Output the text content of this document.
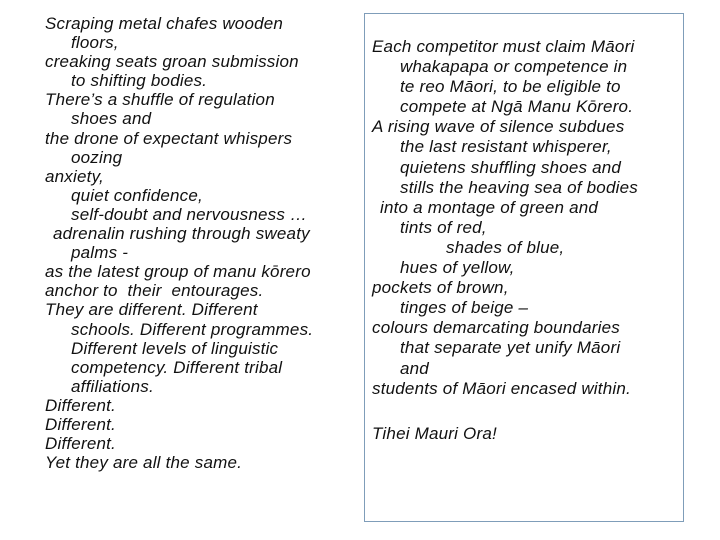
Scraping metal chafes wooden
floors,
creaking seats groan submission
to shifting bodies.
There’s a shuffle of regulation
shoes and
the drone of expectant whispers
oozing
anxiety,
quiet confidence,
self-doubt and nervousness …
adrenalin rushing through sweaty
palms -
as the latest group of manu kōrero
anchor to  their  entourages.
They are different. Different
schools. Different programmes.
Different levels of linguistic
competency. Different tribal
affiliations.
Different.
Different.
Different.
Yet they are all the same.
Each competitor must claim Māori
whakapapa or competence in
te reo Māori, to be eligible to
compete at Ngā Manu Kōrero.
A rising wave of silence subdues
the last resistant whisperer,
quietens shuffling shoes and
stills the heaving sea of bodies
into a montage of green and
tints of red,
shades of blue,
hues of yellow,
pockets of brown,
tinges of beige –
colours demarcating boundaries
that separate yet unify Māori
and
students of Māori encased within.
Tihei Mauri Ora!
